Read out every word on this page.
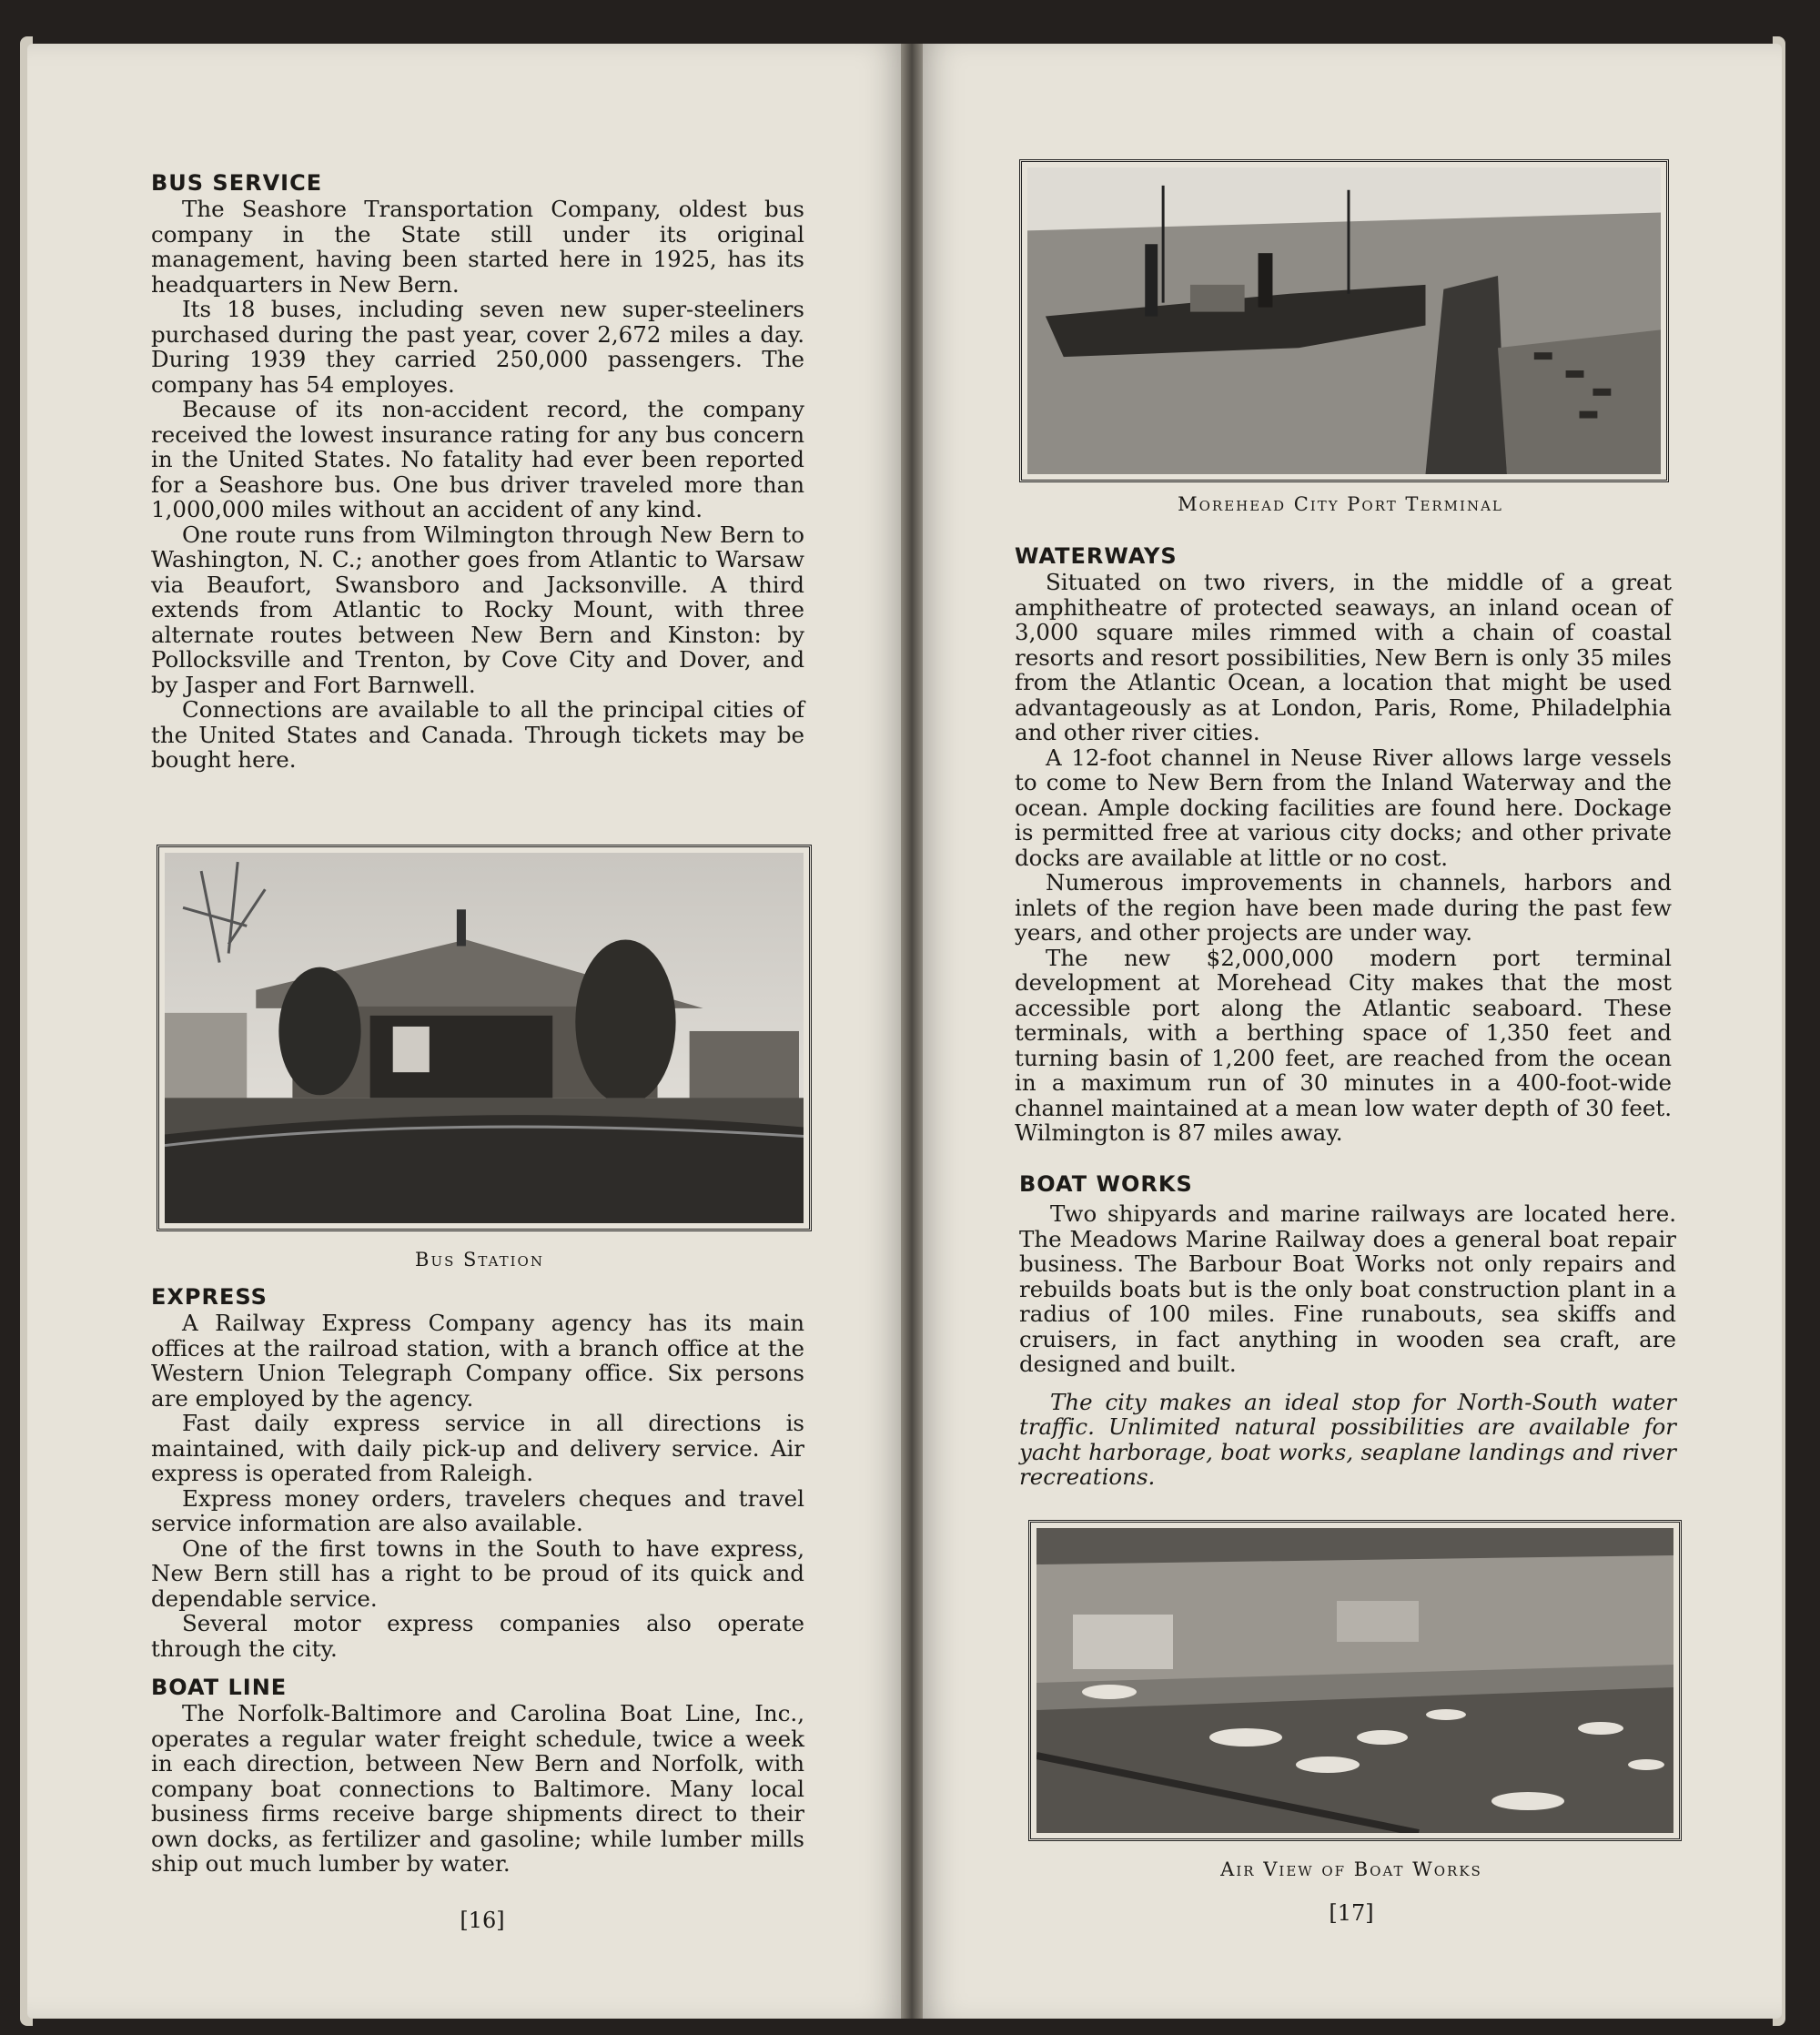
BUS SERVICE

The Seashore Transportation Company, oldest bus company in the State still under its original management, having been started here in 1925, has its headquarters in New Bern.

Its 18 buses, including seven new super-steeliners purchased during the past year, cover 2,672 miles a day. During 1939 they carried 250,000 passengers. The company has 54 employes.

Because of its non-accident record, the company received the lowest insurance rating for any bus concern in the United States. No fatality had ever been reported for a Seashore bus. One bus driver traveled more than 1,000,000 miles without an accident of any kind.

One route runs from Wilmington through New Bern to Washington, N. C.; another goes from Atlantic to Warsaw via Beaufort, Swansboro and Jacksonville. A third extends from Atlantic to Rocky Mount, with three alternate routes between New Bern and Kinston: by Pollocksville and Trenton, by Cove City and Dover, and by Jasper and Fort Barnwell.

Connections are available to all the principal cities of the United States and Canada. Through tickets may be bought here.

Bus Station
EXPRESS

A Railway Express Company agency has its main offices at the railroad station, with a branch office at the Western Union Telegraph Company office. Six persons are employed by the agency.

Fast daily express service in all directions is maintained, with daily pick-up and delivery service. Air express is operated from Raleigh.

Express money orders, travelers cheques and travel service information are also available.

One of the first towns in the South to have express, New Bern still has a right to be proud of its quick and dependable service.

Several motor express companies also operate through the city.

BOAT LINE

The Norfolk-Baltimore and Carolina Boat Line, Inc., operates a regular water freight schedule, twice a week in each direction, between New Bern and Norfolk, with company boat connections to Baltimore. Many local business firms receive barge shipments direct to their own docks, as fertilizer and gasoline; while lumber mills ship out much lumber by water.

[16]
Morehead City Port Terminal
WATERWAYS

Situated on two rivers, in the middle of a great amphitheatre of protected seaways, an inland ocean of 3,000 square miles rimmed with a chain of coastal resorts and resort possibilities, New Bern is only 35 miles from the Atlantic Ocean, a location that might be used advantageously as at London, Paris, Rome, Philadelphia and other river cities.

A 12-foot channel in Neuse River allows large vessels to come to New Bern from the Inland Waterway and the ocean. Ample docking facilities are found here. Dockage is permitted free at various city docks; and other private docks are available at little or no cost.

Numerous improvements in channels, harbors and inlets of the region have been made during the past few years, and other projects are under way.

The new $2,000,000 modern port terminal development at Morehead City makes that the most accessible port along the Atlantic seaboard. These terminals, with a berthing space of 1,350 feet and turning basin of 1,200 feet, are reached from the ocean in a maximum run of 30 minutes in a 400-foot-wide channel maintained at a mean low water depth of 30 feet. Wilmington is 87 miles away.

BOAT WORKS

Two shipyards and marine railways are located here. The Meadows Marine Railway does a general boat repair business. The Barbour Boat Works not only repairs and rebuilds boats but is the only boat construction plant in a radius of 100 miles. Fine runabouts, sea skiffs and cruisers, in fact anything in wooden sea craft, are designed and built.

The city makes an ideal stop for North-South water traffic. Unlimited natural possibilities are available for yacht harborage, boat works, seaplane landings and river recreations.

Air View of Boat Works
[17]
